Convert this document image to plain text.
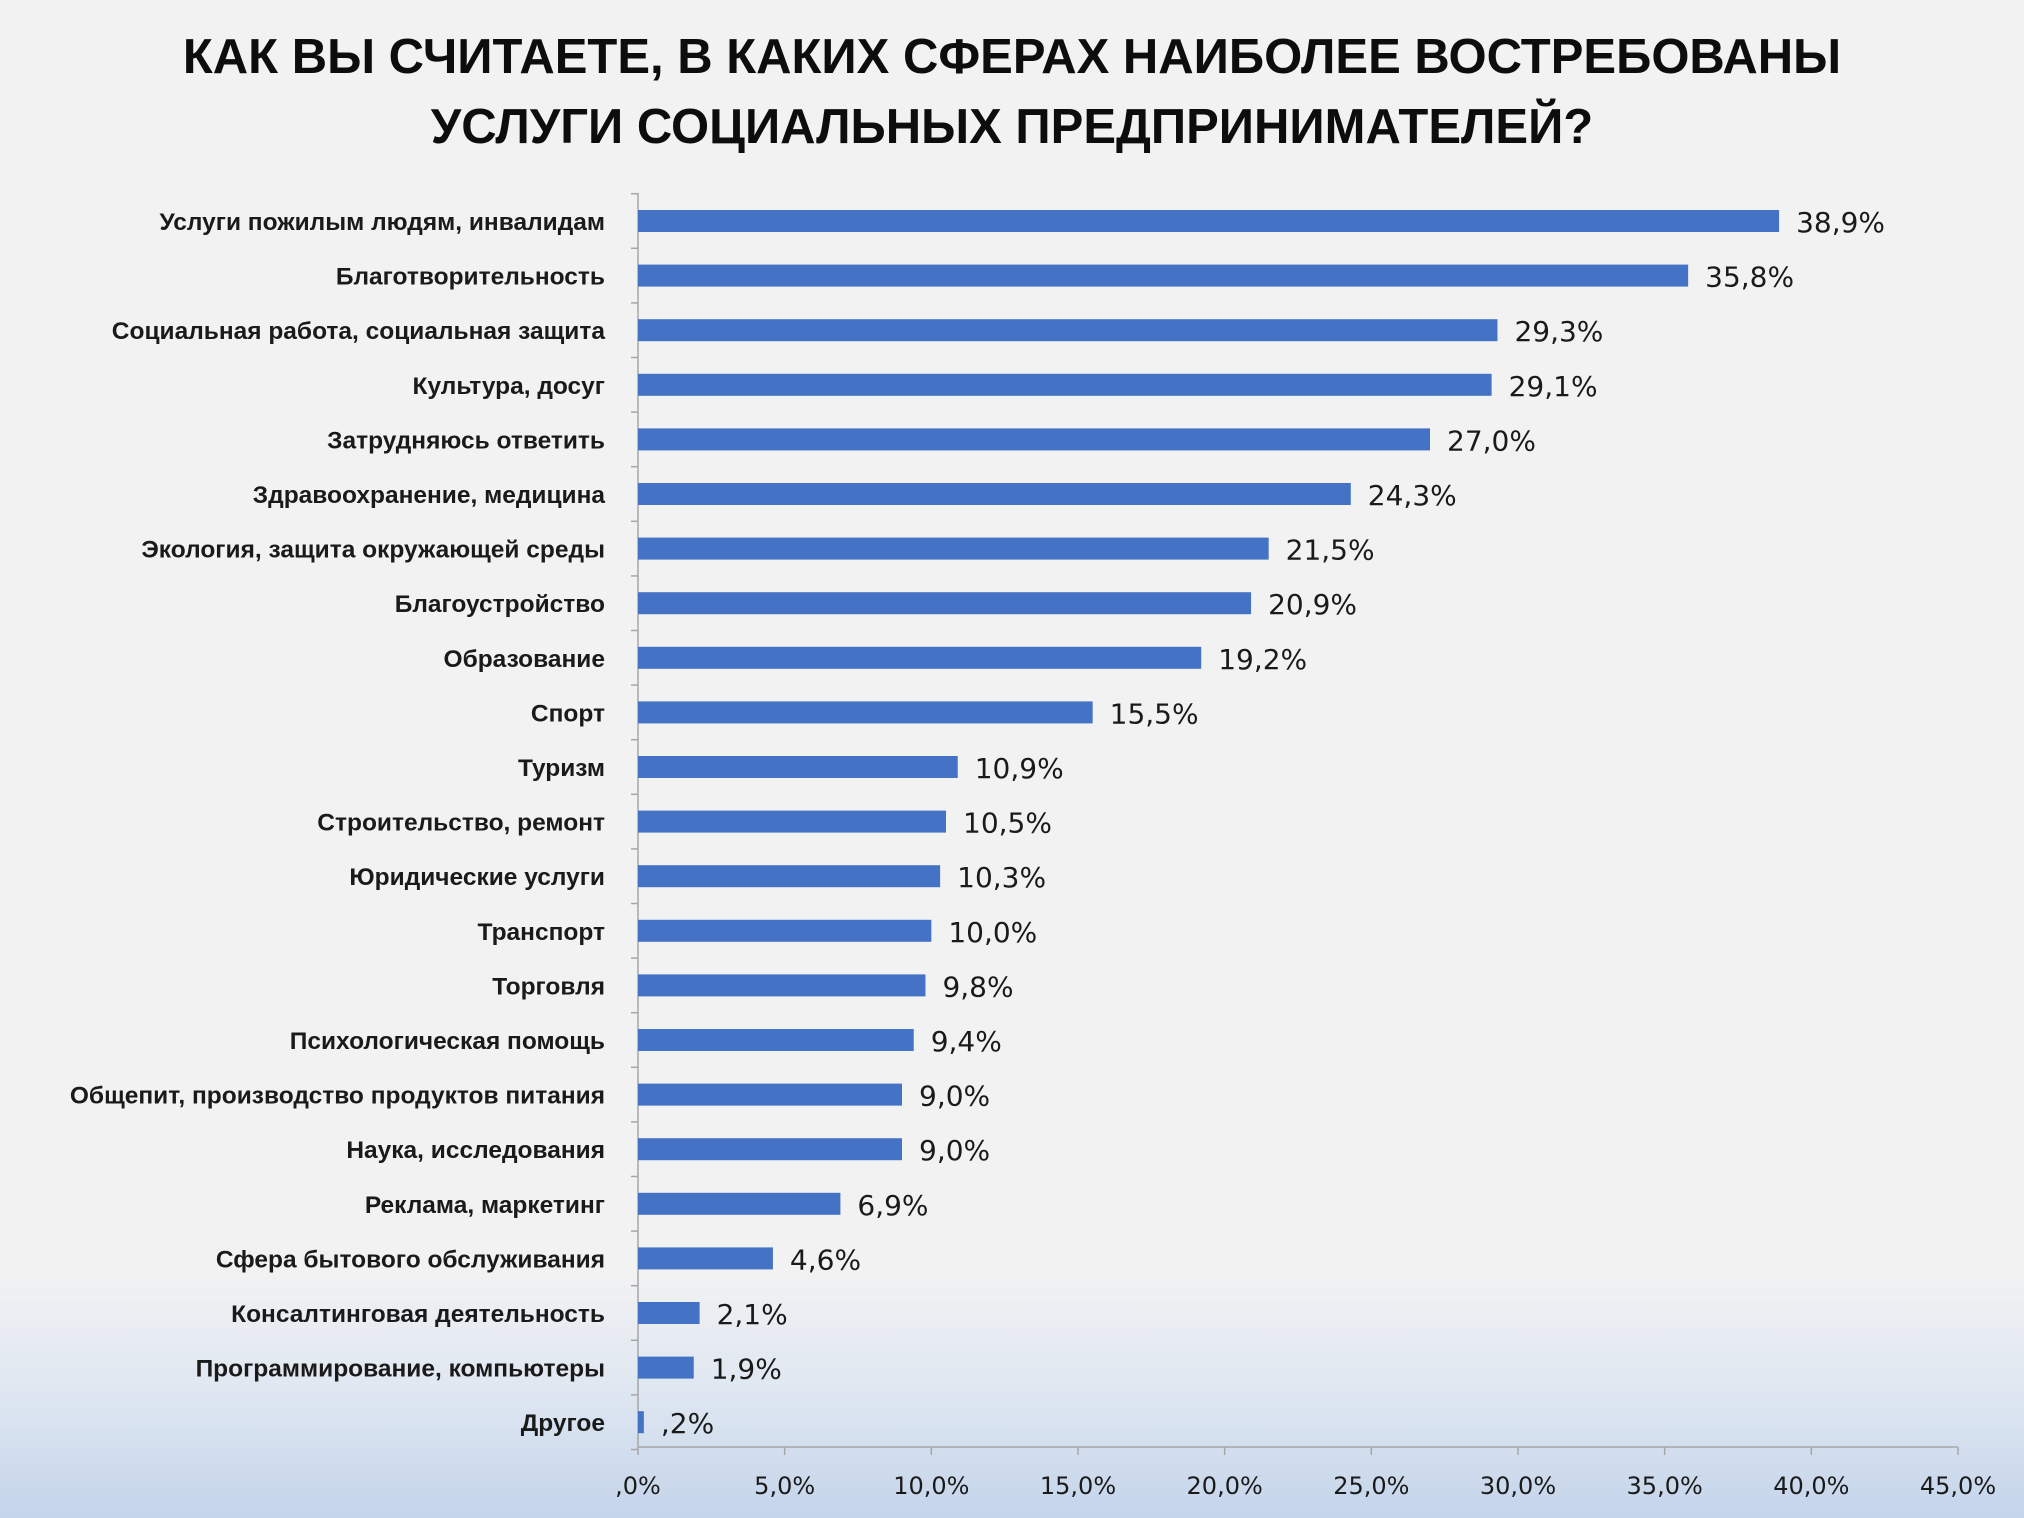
КАК ВЫ СЧИТАЕТЕ, В КАКИХ СФЕРАХ НАИБОЛЕЕ ВОСТРЕБОВАНЫ
УСЛУГИ СОЦИАЛЬНЫХ ПРЕДПРИНИМАТЕЛЕЙ?
,0%	5,0%	10,0%	15,0%	20,0%	25,0%	30,0%	35,0%	40,0%	45,0%
Услуги пожилым людям, инвалидам	38,9%
Благотворительность	35,8%
Социальная работа, социальная защита	29,3%
Культура, досуг	29,1%
Затрудняюсь ответить	27,0%
Здравоохранение, медицина	24,3%
Экология, защита окружающей среды	21,5%
Благоустройство	20,9%
Образование	19,2%
Спорт	15,5%
Туризм	10,9%
Строительство, ремонт	10,5%
Юридические услуги	10,3%
Транспорт	10,0%
Торговля	9,8%
Психологическая помощь	9,4%
Общепит, производство продуктов питания	9,0%
Наука, исследования	9,0%
Реклама, маркетинг	6,9%
Сфера бытового обслуживания	4,6%
Консалтинговая деятельность	2,1%
Программирование, компьютеры	1,9%
Другое ,2%
